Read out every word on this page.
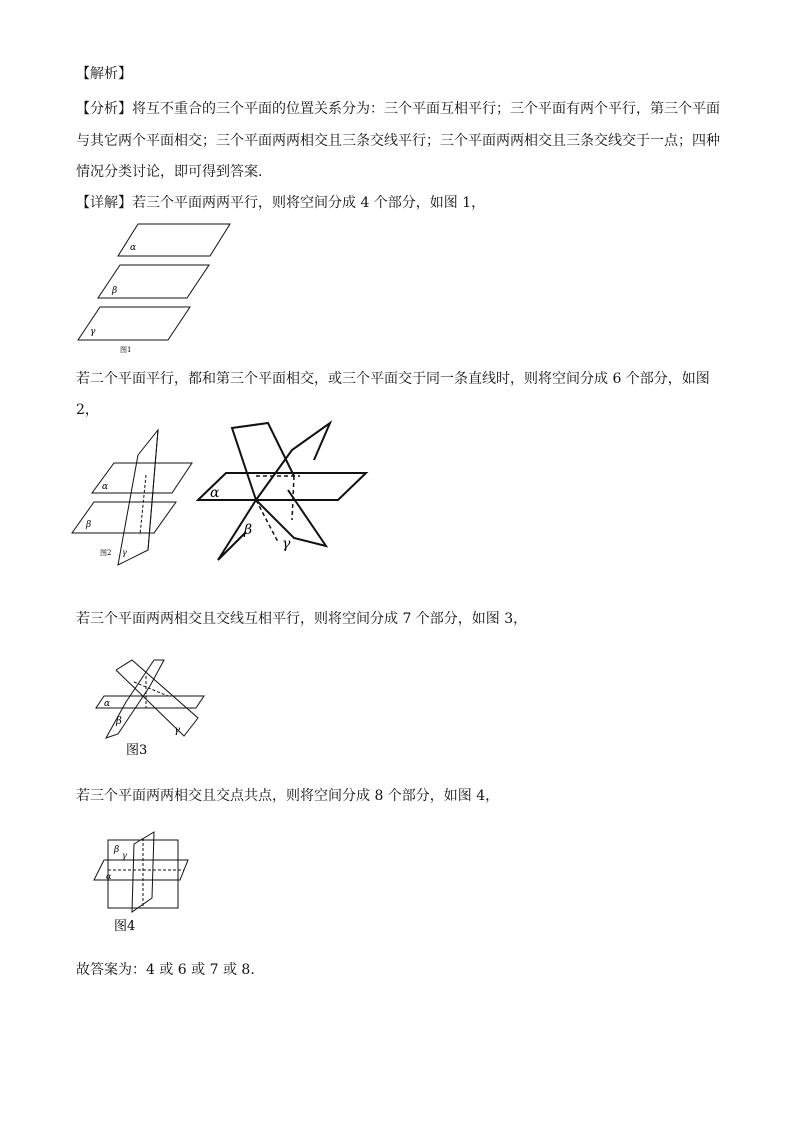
【解析】
【分析】将互不重合的三个平面的位置关系分为：三个平面互相平行；三个平面有两个平行，第三个平面
与其它两个平面相交；三个平面两两相交且三条交线平行；三个平面两两相交且三条交线交于一点；四种
情况分类讨论，即可得到答案.
【详解】若三个平面两两平行，则将空间分成 4 个部分，如图 1，
α
β
γ
图1
若二个平面平行，都和第三个平面相交，或三个平面交于同一条直线时，则将空间分成 6 个部分，如图
2，
α
β
γ
图2
α
β
γ
若三个平面两两相交且交线互相平行，则将空间分成 7 个部分，如图 3，
α
β
γ
图3
若三个平面两两相交且交点共点，则将空间分成 8 个部分，如图 4，
β
γ
α
图4
故答案为：4 或 6 或 7 或 8.
